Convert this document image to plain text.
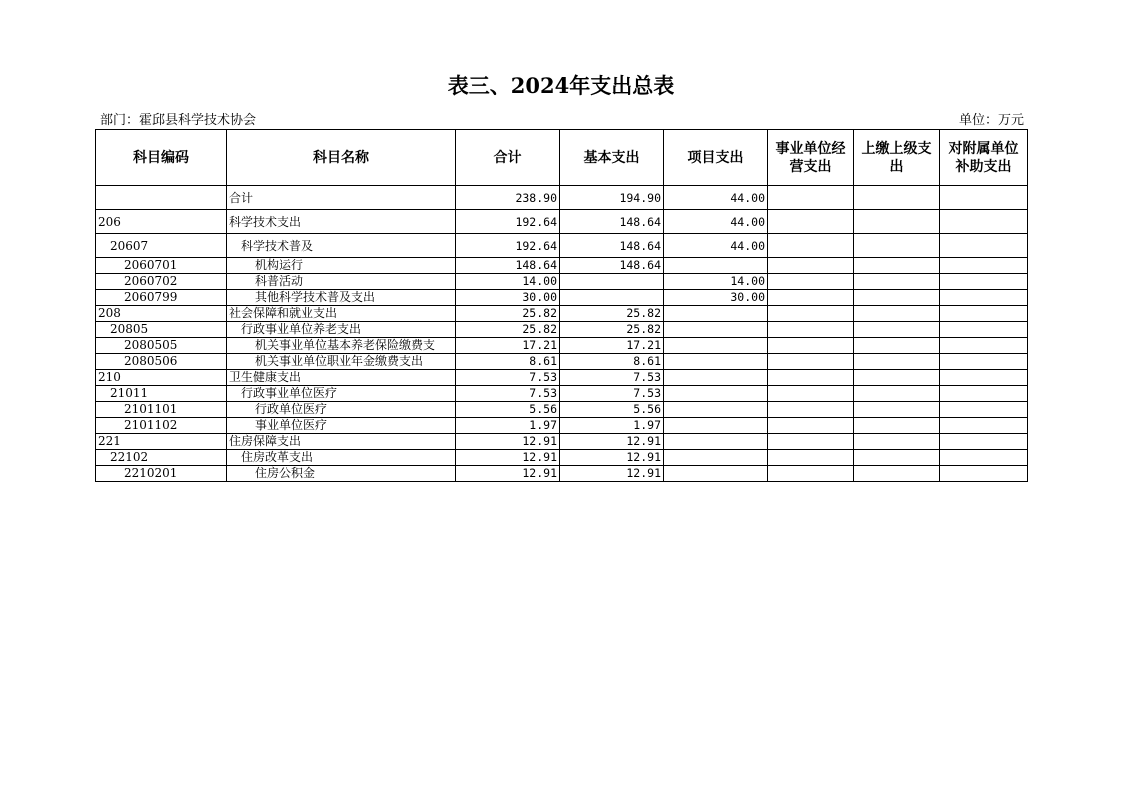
表三、2024年支出总表
部门：霍邱县科学技术协会	单位：万元
科目编码	科目名称	合计	基本支出	项目支出	事业单位经营支出	上缴上级支出	对附属单位补助支出
	合计	238.90	194.90	44.00			
206	科学技术支出	192.64	148.64	44.00			
20607	科学技术普及	192.64	148.64	44.00			
2060701	机构运行	148.64	148.64				
2060702	科普活动	14.00		14.00			
2060799	其他科学技术普及支出	30.00		30.00			
208	社会保障和就业支出	25.82	25.82				
20805	行政事业单位养老支出	25.82	25.82				
2080505	机关事业单位基本养老保险缴费支	17.21	17.21				
2080506	机关事业单位职业年金缴费支出	8.61	8.61				
210	卫生健康支出	7.53	7.53				
21011	行政事业单位医疗	7.53	7.53				
2101101	行政单位医疗	5.56	5.56				
2101102	事业单位医疗	1.97	1.97				
221	住房保障支出	12.91	12.91				
22102	住房改革支出	12.91	12.91				
2210201	住房公积金	12.91	12.91				
